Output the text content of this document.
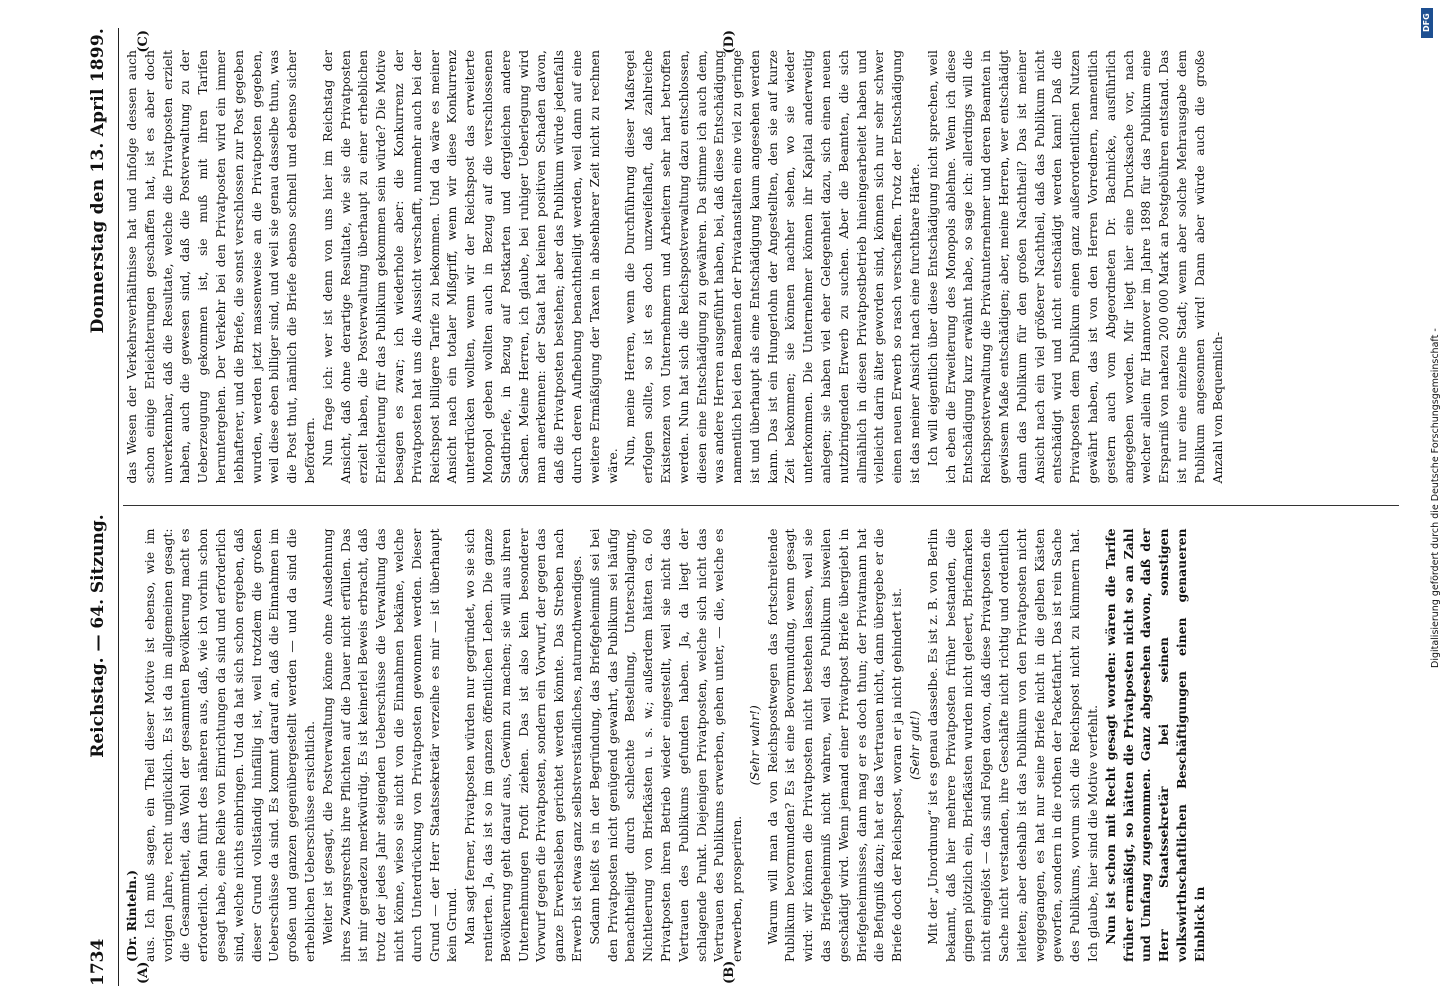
1734
Reichstag. — 64. Sitzung.
Donnerstag den 13. April 1899.
(A)	(B)

(Dr. Rinteln.) aus. Ich muß sagen, ein Theil dieser Motive ist ebenso, wie im vorigen Jahre, recht unglücklich. Es ist da im allgemeinen gesagt: die Gesammtheit, das Wohl der gesammten Bevölkerung macht es erforderlich. Man führt des näheren aus, daß, wie ich vorhin schon gesagt habe, eine Reihe von Einrichtungen da sind und erforderlich sind, welche nichts einbringen. Und da hat sich schon ergeben, daß dieser Grund vollständig hinfällig ist, weil trotzdem die großen Ueberschüsse da sind. Es kommt darauf an, daß die Einnahmen im großen und ganzen gegenübergestellt werden — und da sind die erheblichen Ueberschüsse ersichtlich. Weiter ist gesagt, die Postverwaltung könne ohne Ausdehnung ihres Zwangsrechts ihre Pflichten auf die Dauer nicht erfüllen. Das ist mir geradezu merkwürdig. Es ist keinerlei Beweis erbracht, daß trotz der jedes Jahr steigenden Ueberschüsse die Verwaltung das nicht könne, wieso sie nicht von die Einnahmen bekäme, welche durch Unterdrückung von Privatposten gewonnen werden. Dieser Grund — der Herr Staatssekretär verzeihe es mir — ist überhaupt kein Grund. Man sagt ferner, Privatposten würden nur gegründet, wo sie sich rentierten. Ja, das ist so im ganzen öffentlichen Leben. Die ganze Bevölkerung geht darauf aus, Gewinn zu machen; sie will aus ihren Unternehmungen Profit ziehen. Das ist also kein besonderer Vorwurf gegen die Privatposten, sondern ein Vorwurf, der gegen das ganze Erwerbsleben gerichtet werden könnte. Das Streben nach Erwerb ist etwas ganz selbstverständliches, naturnothwendiges. Sodann heißt es in der Begründung, das Briefgeheimniß sei bei den Privatposten nicht genügend gewahrt, das Publikum sei häufig benachtheiligt durch schlechte Bestellung, Unterschlagung, Nichtleerung von Briefkästen u. s. w.; außerdem hätten ca. 60 Privatposten ihren Betrieb wieder eingestellt, weil sie nicht das Vertrauen des Publikums gefunden haben. Ja, da liegt der schlagende Punkt. Diejenigen Privatposten, welche sich nicht das Vertrauen des Publikums erwerben, gehen unter, — die, welche es erwerben, prosperiren.

(Sehr wahr!) Warum will man da von Reichspostwegen das fortschreitende Publikum bevormunden? Es ist eine Bevormundung, wenn gesagt wird: wir können die Privatposten nicht bestehen lassen, weil sie das Briefgeheimniß nicht wahren, weil das Publikum bisweilen geschädigt wird. Wenn jemand einer Privatpost Briefe übergiebt in Briefgeheimnisses, dann mag er es doch thun; der Privatmann hat die Befugniß dazu; hat er das Vertrauen nicht, dann übergebe er die Briefe doch der Reichspost, woran er ja nicht gehindert ist. (Sehr gut!) Mit der „Unordnung“ ist es genau dasselbe. Es ist z. B. von Berlin bekannt, daß hier mehrere Privatposten früher bestanden, die gingen plötzlich ein, Briefkästen wurden nicht geleert, Briefmarken nicht eingelöst — das sind Folgen davon, daß diese Privatposten die Sache nicht verstanden, ihre Geschäfte nicht richtig und ordentlich leiteten; aber deshalb ist das Publikum von den Privatposten nicht weggegangen, es hat nur seine Briefe nicht in die gelben Kästen geworfen, sondern in die rothen der Packetfahrt. Das ist rein Sache des Publikums, worum sich die Reichspost nicht zu kümmern hat. Ich glaube, hier sind die Motive verfehlt. Nun ist schon mit Recht gesagt worden: wären die Tarife früher ermäßigt, so hätten die Privatposten nicht so an Zahl und Umfang zugenommen. Ganz abgesehen davon, daß der Herr Staatssekretär bei seinen sonstigen volkswirthschaftlichen Beschäftigungen einen genaueren Einblick in

(C)	(D)

das Wesen der Verkehrsverhältnisse hat und infolge dessen auch schon einige Erleichterungen geschaffen hat, ist es aber doch unverkennbar, daß die Resultate, welche die Privatposten erzielt haben, auch die gewesen sind, daß die Postverwaltung zu der Ueberzeugung gekommen ist, sie muß mit ihren Tarifen heruntergehen. Der Verkehr bei den Privatposten wird ein immer lebhafterer, und die Briefe, die sonst verschlossen zur Post gegeben wurden, werden jetzt massenweise an die Privatposten gegeben, weil diese eben billiger sind, und weil sie genau dasselbe thun, was die Post thut, nämlich die Briefe ebenso schnell und ebenso sicher befördern. Nun frage ich: wer ist denn von uns hier im Reichstag der Ansicht, daß ohne derartige Resultate, wie sie die Privatposten erzielt haben, die Postverwaltung überhaupt zu einer erheblichen Erleichterung für das Publikum gekommen sein würde? Die Motive besagen es zwar; ich wiederhole aber: die Konkurrenz der Privatposten hat uns die Aussicht verschafft, nunmehr auch bei der Reichspost billigere Tarife zu bekommen. Und da wäre es meiner Ansicht nach ein totaler Mißgriff, wenn wir diese Konkurrenz unterdrücken wollten, wenn wir der Reichspost das erweiterte Monopol geben wollten auch in Bezug auf die verschlossenen Stadtbriefe, in Bezug auf Postkarten und dergleichen andere Sachen. Meine Herren, ich glaube, bei ruhiger Ueberlegung wird man anerkennen: der Staat hat keinen positiven Schaden davon, daß die Privatposten bestehen; aber das Publikum würde jedenfalls durch deren Aufhebung benachtheiligt werden, weil dann auf eine weitere Ermäßigung der Taxen in absehbarer Zeit nicht zu rechnen wäre. Nun, meine Herren, wenn die Durchführung dieser Maßregel erfolgen sollte, so ist es doch unzweifelhaft, daß zahlreiche Existenzen von Unternehmern und Arbeitern sehr hart betroffen werden. Nun hat sich die Reichspostverwaltung dazu entschlossen, diesen eine Entschädigung zu gewähren. Da stimme ich auch dem, was andere Herren ausgeführt haben, bei, daß diese Entschädigung namentlich bei den Beamten der Privatanstalten eine viel zu geringe ist und überhaupt als eine Entschädigung kaum angesehen werden kann. Das ist ein Hungerlohn der Angestellten, den sie auf kurze Zeit bekommen; sie können nachher sehen, wo sie wieder unterkommen. Die Unternehmer können ihr Kapital anderweitig anlegen; sie haben viel eher Gelegenheit dazu, sich einen neuen nutzbringenden Erwerb zu suchen. Aber die Beamten, die sich allmählich in diesen Privatpostbetrieb hineingearbeitet haben und vielleicht darin älter geworden sind, können sich nur sehr schwer einen neuen Erwerb so rasch verschaffen. Trotz der Entschädigung ist das meiner Ansicht nach eine furchtbare Härte. Ich will eigentlich über diese Entschädigung nicht sprechen, weil ich eben die Erweiterung des Monopols ablehne. Wenn ich diese Entschädigung kurz erwähnt habe, so sage ich: allerdings will die Reichspostverwaltung die Privatunternehmer und deren Beamten in gewissem Maße entschädigen; aber, meine Herren, wer entschädigt dann das Publikum für den großen Nachtheil? Das ist meiner Ansicht nach ein viel größerer Nachtheil, daß das Publikum nicht entschädigt wird und nicht entschädigt werden kann! Daß die Privatposten dem Publikum einen ganz außerordentlichen Nutzen gewährt haben, das ist von den Herren Vorrednern, namentlich gestern auch vom Abgeordneten Dr. Bachnicke, ausführlich angegeben worden. Mir liegt hier eine Drucksache vor, nach welcher allein für Hannover im Jahre 1898 für das Publikum eine Ersparniß von nahezu 200 000 Mark an Postgebühren entstand. Das ist nur eine einzelne Stadt; wenn aber solche Mehrausgabe dem Publikum angesonnen wird! Dann aber würde auch die große Anzahl von Bequemlich-	Digitalisierung gefördert durch die Deutsche Forschungsgemeinschaft -
DFG
